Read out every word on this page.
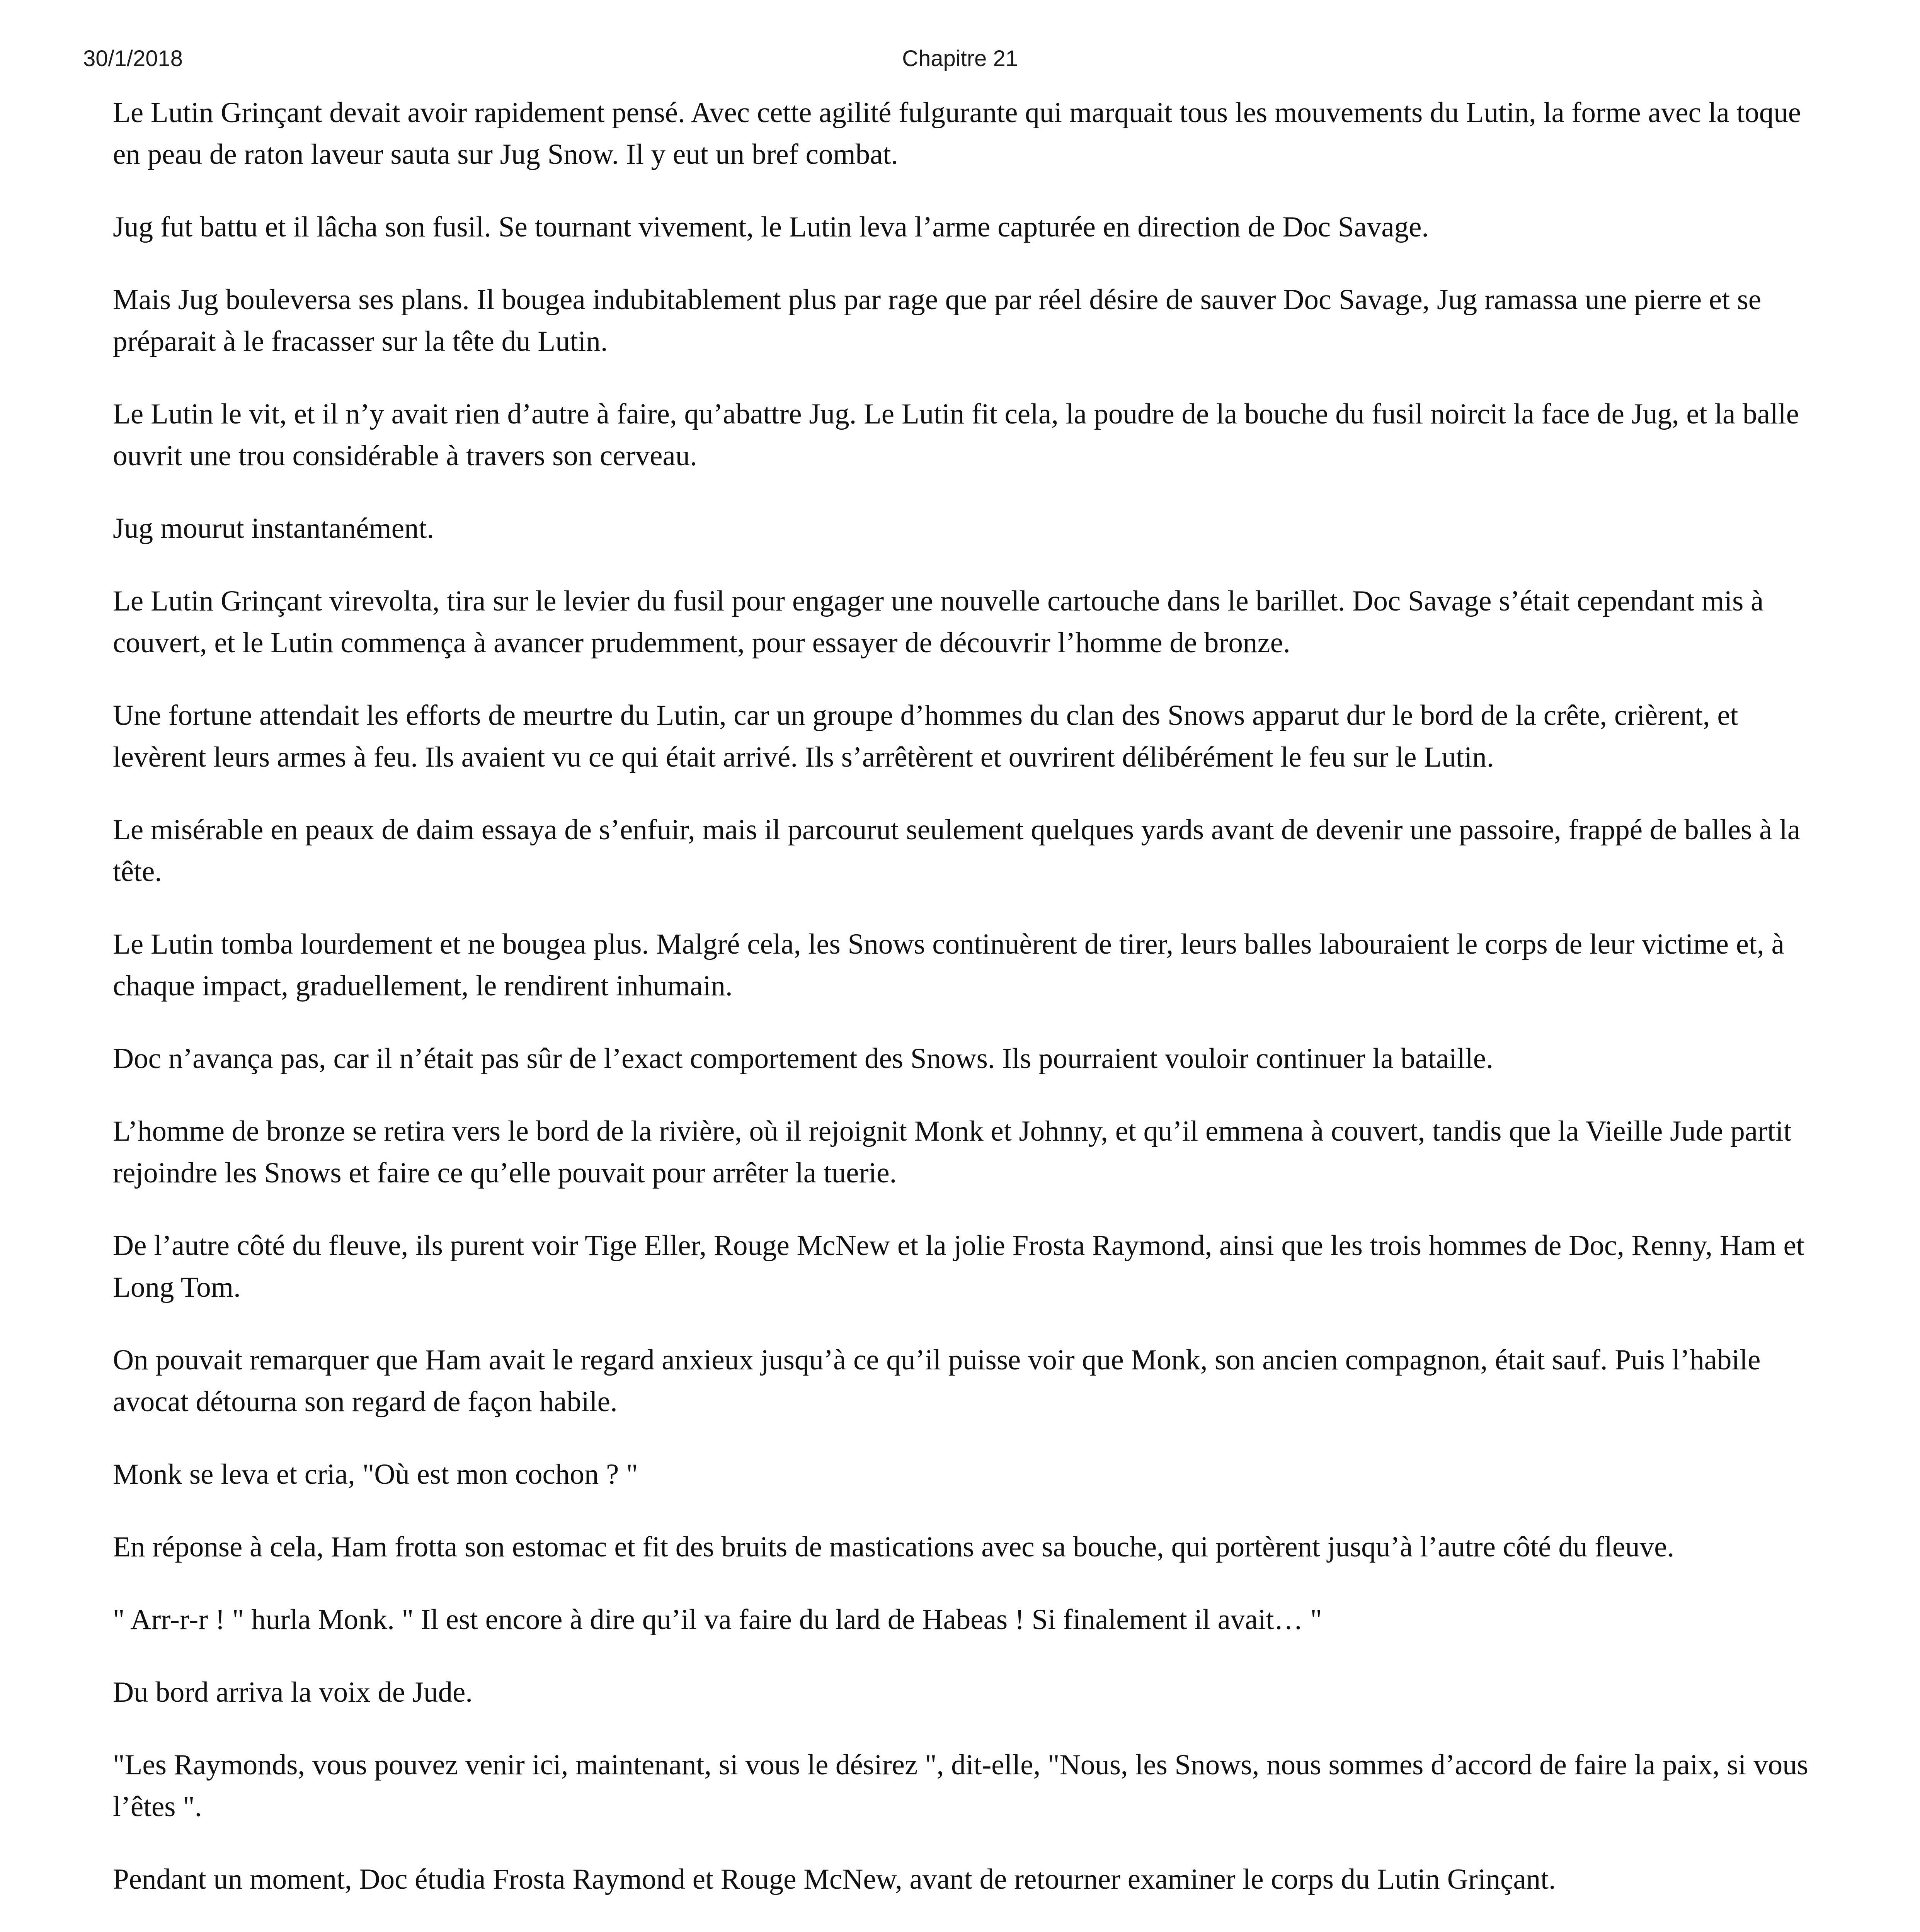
30/1/2018	Chapitre 21

Le Lutin Grinçant devait avoir rapidement pensé. Avec cette agilité fulgurante qui marquait tous les mouvements du Lutin, la forme avec la toque en peau de raton laveur sauta sur Jug Snow. Il y eut un bref combat.

Jug fut battu et il lâcha son fusil. Se tournant vivement, le Lutin leva l’arme capturée en direction de Doc Savage.

Mais Jug bouleversa ses plans. Il bougea indubitablement plus par rage que par réel désire de sauver Doc Savage, Jug ramassa une pierre et se préparait à le fracasser sur la tête du Lutin.

Le Lutin le vit, et il n’y avait rien d’autre à faire, qu’abattre Jug. Le Lutin fit cela, la poudre de la bouche du fusil noircit la face de Jug, et la balle ouvrit une trou considérable à travers son cerveau.

Jug mourut instantanément.

Le Lutin Grinçant virevolta, tira sur le levier du fusil pour engager une nouvelle cartouche dans le barillet. Doc Savage s’était cependant mis à couvert, et le Lutin commença à avancer prudemment, pour essayer de découvrir l’homme de bronze.

Une fortune attendait les efforts de meurtre du Lutin, car un groupe d’hommes du clan des Snows apparut dur le bord de la crête, crièrent, et levèrent leurs armes à feu. Ils avaient vu ce qui était arrivé. Ils s’arrêtèrent et ouvrirent délibérément le feu sur le Lutin.

Le misérable en peaux de daim essaya de s’enfuir, mais il parcourut seulement quelques yards avant de devenir une passoire, frappé de balles à la tête.

Le Lutin tomba lourdement et ne bougea plus. Malgré cela, les Snows continuèrent de tirer, leurs balles labouraient le corps de leur victime et, à chaque impact, graduellement, le rendirent inhumain.

Doc n’avança pas, car il n’était pas sûr de l’exact comportement des Snows. Ils pourraient vouloir continuer la bataille.

L’homme de bronze se retira vers le bord de la rivière, où il rejoignit Monk et Johnny, et qu’il emmena à couvert, tandis que la Vieille Jude partit rejoindre les Snows et faire ce qu’elle pouvait pour arrêter la tuerie.

De l’autre côté du fleuve, ils purent voir Tige Eller, Rouge McNew et la jolie Frosta Raymond, ainsi que les trois hommes de Doc, Renny, Ham et Long Tom.

On pouvait remarquer que Ham avait le regard anxieux jusqu’à ce qu’il puisse voir que Monk, son ancien compagnon, était sauf. Puis l’habile avocat détourna son regard de façon habile.

Monk se leva et cria, "Où est mon cochon ? "

En réponse à cela, Ham frotta son estomac et fit des bruits de mastications avec sa bouche, qui portèrent jusqu’à l’autre côté du fleuve.

" Arr-r-r ! " hurla Monk. " Il est encore à dire qu’il va faire du lard de Habeas ! Si finalement il avait… "

Du bord arriva la voix de Jude.

"Les Raymonds, vous pouvez venir ici, maintenant, si vous le désirez ", dit-elle, "Nous, les Snows, nous sommes d’accord de faire la paix, si vous l’êtes ".

Pendant un moment, Doc étudia Frosta Raymond et Rouge McNew, avant de retourner examiner le corps du Lutin Grinçant.
